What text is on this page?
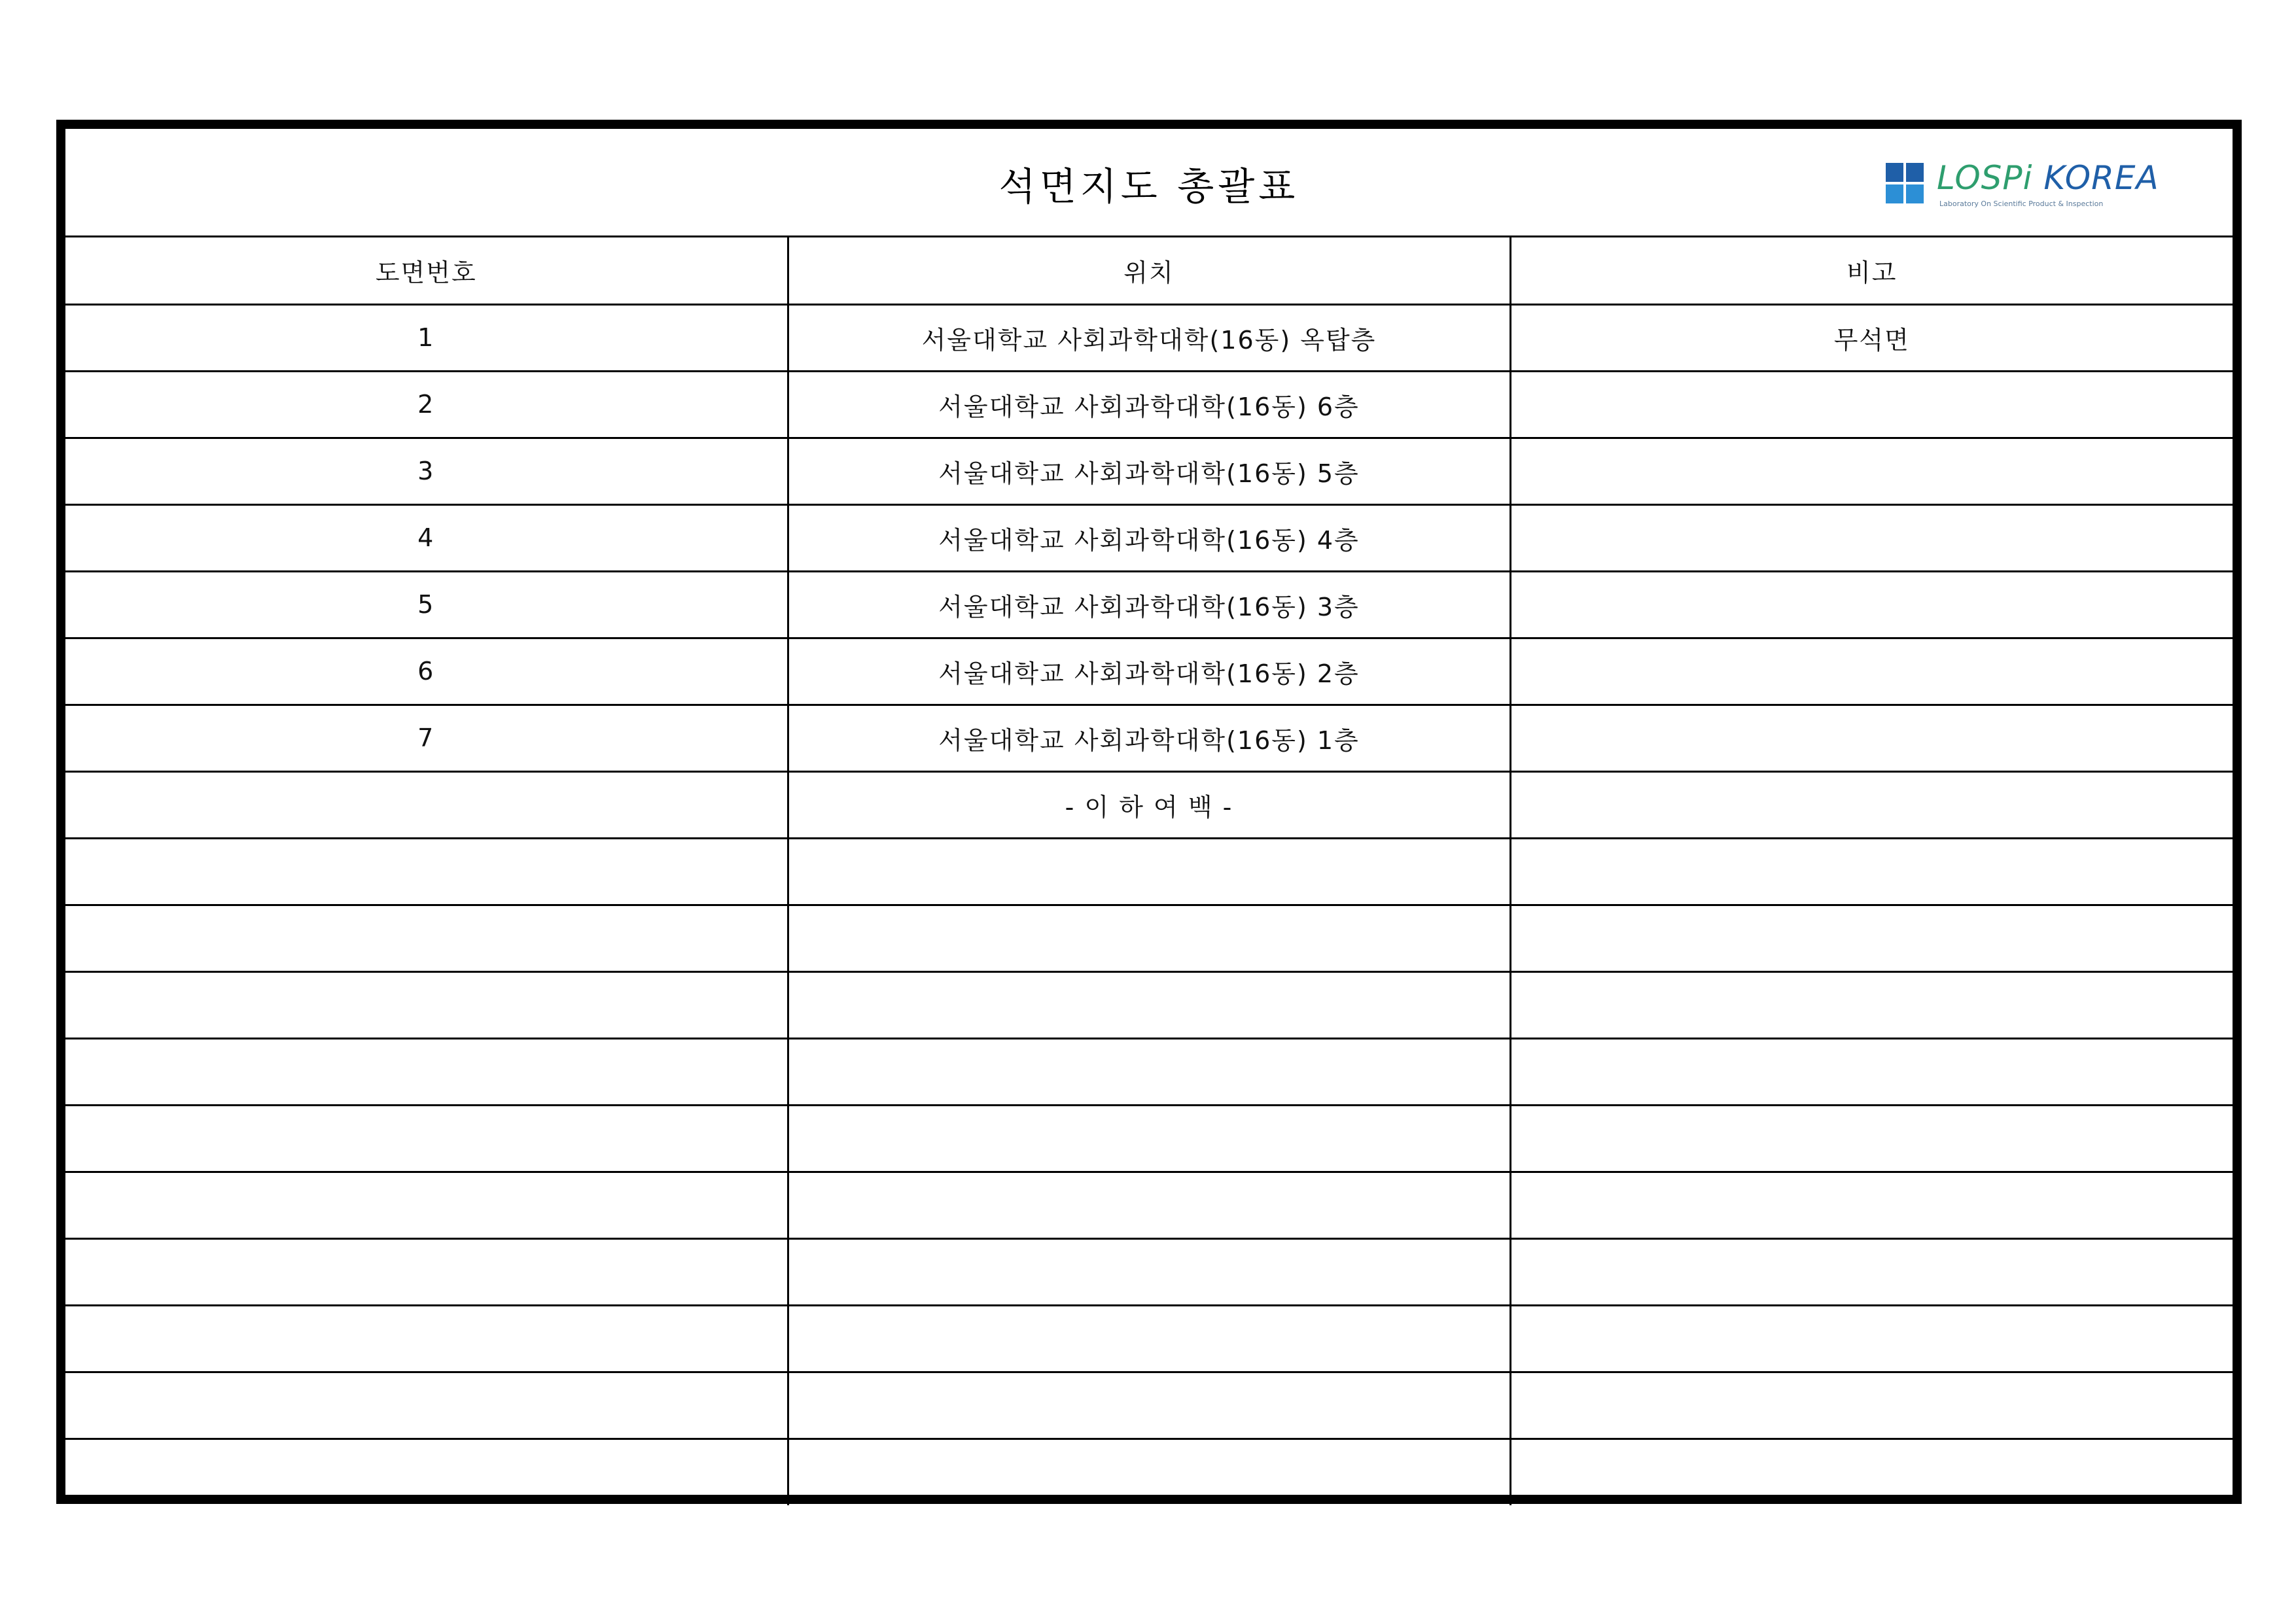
석면지도 총괄표	LOSPi KOREA
Laboratory On Scientific Product & Inspection
도면번호	위치	비고
1	서울대학교 사회과학대학(16동) 옥탑층	무석면
2	서울대학교 사회과학대학(16동) 6층	
3	서울대학교 사회과학대학(16동) 5층	
4	서울대학교 사회과학대학(16동) 4층	
5	서울대학교 사회과학대학(16동) 3층	
6	서울대학교 사회과학대학(16동) 2층	
7	서울대학교 사회과학대학(16동) 1층	
	- 이 하 여 백 -	
